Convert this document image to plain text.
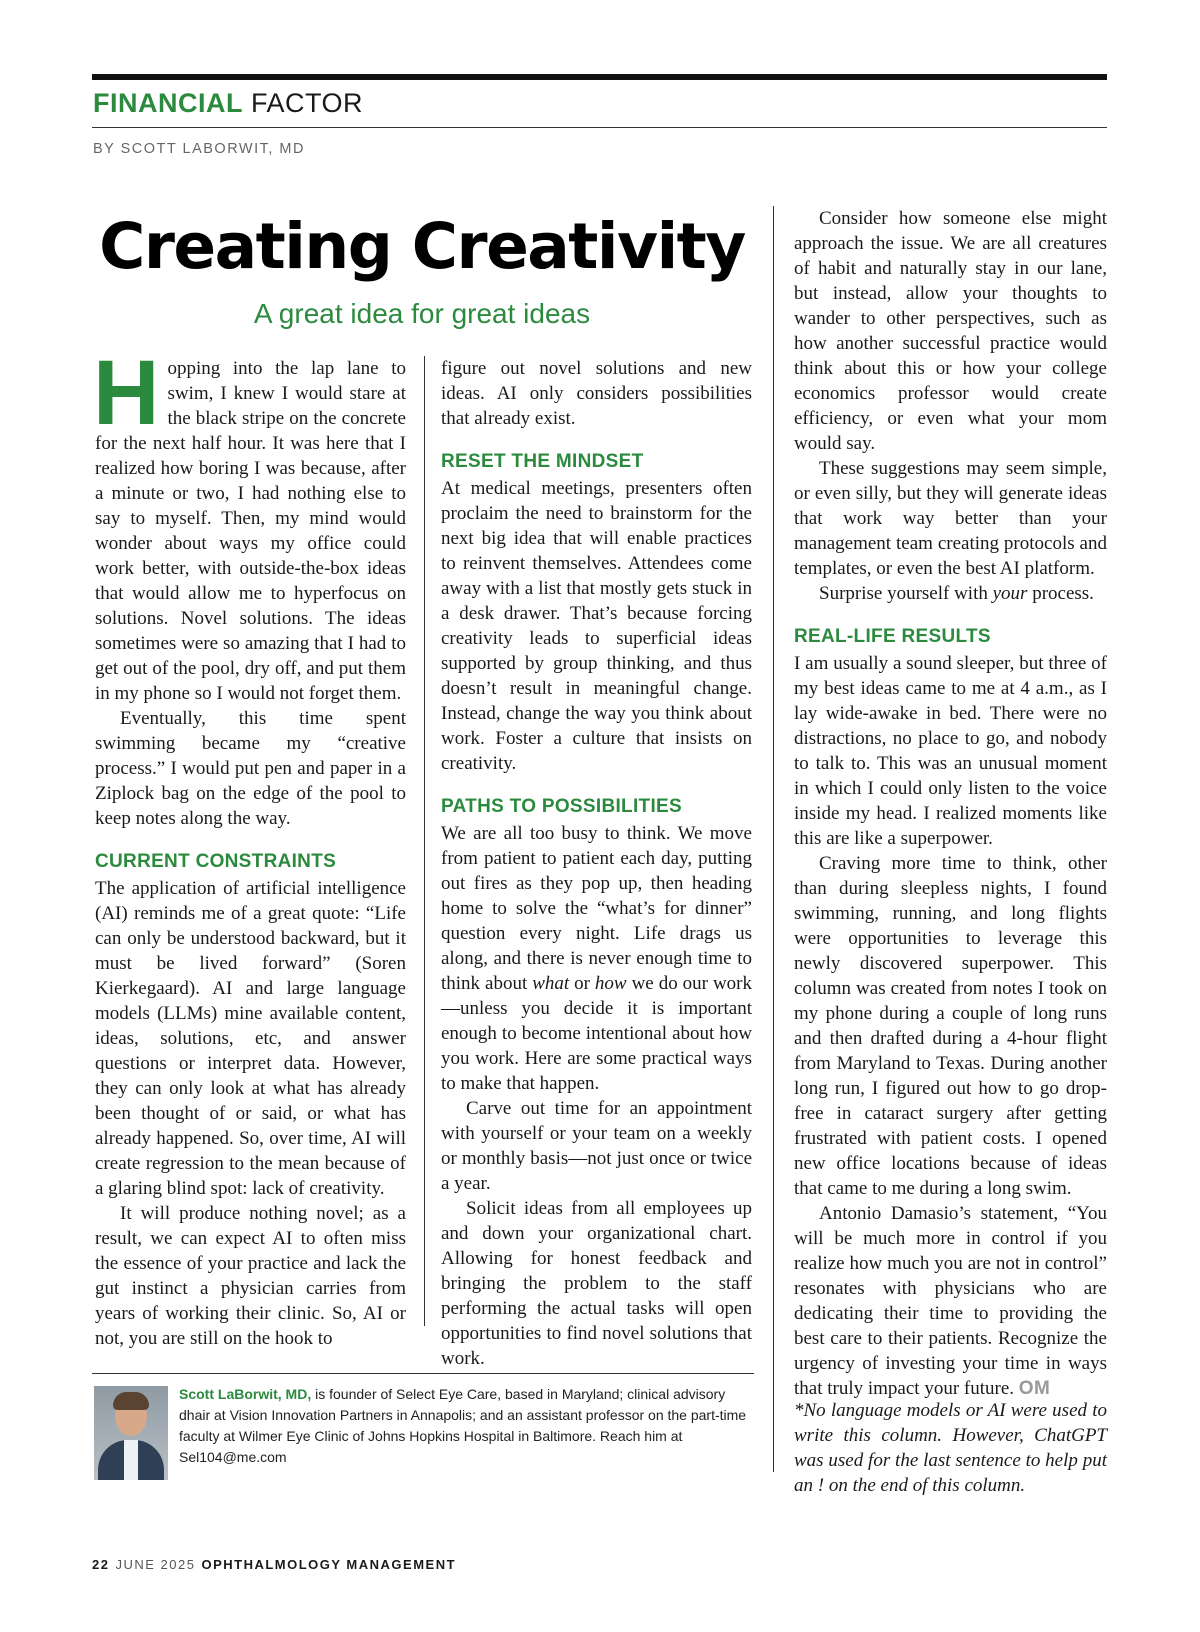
FINANCIAL FACTOR
BY SCOTT LABORWIT, MD
Creating Creativity
A great idea for great ideas

Hopping into the lap lane to swim, I knew I would stare at the black stripe on the concrete for the next half hour. It was here that I realized how boring I was because, after a minute or two, I had nothing else to say to myself. Then, my mind would wonder about ways my office could work better, with outside-the-box ideas that would allow me to hyperfocus on solutions. Novel solutions. The ideas sometimes were so amazing that I had to get out of the pool, dry off, and put them in my phone so I would not forget them.

Eventually, this time spent swimming became my “creative process.” I would put pen and paper in a Ziplock bag on the edge of the pool to keep notes along the way.

CURRENT CONSTRAINTS

The application of artificial intelligence (AI) reminds me of a great quote: “Life can only be understood backward, but it must be lived forward” (Soren Kierkegaard). AI and large language models (LLMs) mine available content, ideas, solutions, etc, and answer questions or interpret data. However, they can only look at what has already been thought of or said, or what has already happened. So, over time, AI will create regression to the mean because of a glaring blind spot: lack of creativity.

It will produce nothing novel; as a result, we can expect AI to often miss the essence of your practice and lack the gut instinct a physician carries from years of working their clinic. So, AI or not, you are still on the hook to

figure out novel solutions and new ideas. AI only considers possibilities that already exist.

RESET THE MINDSET

At medical meetings, presenters often proclaim the need to brainstorm for the next big idea that will enable practices to reinvent themselves. Attendees come away with a list that mostly gets stuck in a desk drawer. That’s because forcing creativity leads to superficial ideas supported by group thinking, and thus doesn’t result in meaningful change. Instead, change the way you think about work. Foster a culture that insists on creativity.

PATHS TO POSSIBILITIES

We are all too busy to think. We move from patient to patient each day, putting out fires as they pop up, then heading home to solve the “what’s for dinner” question every night. Life drags us along, and there is never enough time to think about what or how we do our work—unless you decide it is important enough to become intentional about how you work. Here are some practical ways to make that happen.

Carve out time for an appointment with yourself or your team on a weekly or monthly basis—not just once or twice a year.

Solicit ideas from all employees up and down your organizational chart. Allowing for honest feedback and bringing the problem to the staff performing the actual tasks will open opportunities to find novel solutions that work.

Consider how someone else might approach the issue. We are all creatures of habit and naturally stay in our lane, but instead, allow your thoughts to wander to other perspectives, such as how another successful practice would think about this or how your college economics professor would create efficiency, or even what your mom would say.

These suggestions may seem simple, or even silly, but they will generate ideas that work way better than your management team creating protocols and templates, or even the best AI platform.

Surprise yourself with your process.

REAL-LIFE RESULTS

I am usually a sound sleeper, but three of my best ideas came to me at 4 a.m., as I lay wide-awake in bed. There were no distractions, no place to go, and nobody to talk to. This was an unusual moment in which I could only listen to the voice inside my head. I realized moments like this are like a superpower.

Craving more time to think, other than during sleepless nights, I found swimming, running, and long flights were opportunities to leverage this newly discovered superpower. This column was created from notes I took on my phone during a couple of long runs and then drafted during a 4-hour flight from Maryland to Texas. During another long run, I figured out how to go drop-free in cataract surgery after getting frustrated with patient costs. I opened new office locations because of ideas that came to me during a long swim.

Antonio Damasio’s statement, “You will be much more in control if you realize how much you are not in control” resonates with physicians who are dedicating their time to providing the best care to their patients. Recognize the urgency of investing your time in ways that truly impact your future. OM

Scott LaBorwit, MD, is founder of Select Eye Care, based in Maryland; clinical advisory dhair at Vision Innovation Partners in Annapolis; and an assistant professor on the part-time faculty at Wilmer Eye Clinic of Johns Hopkins Hospital in Baltimore. Reach him at Sel104@me.com

*No language models or AI were used to write this column. However, ChatGPT was used for the last sentence to help put an ! on the end of this column.

22 JUNE 2025 OPHTHALMOLOGY MANAGEMENT
